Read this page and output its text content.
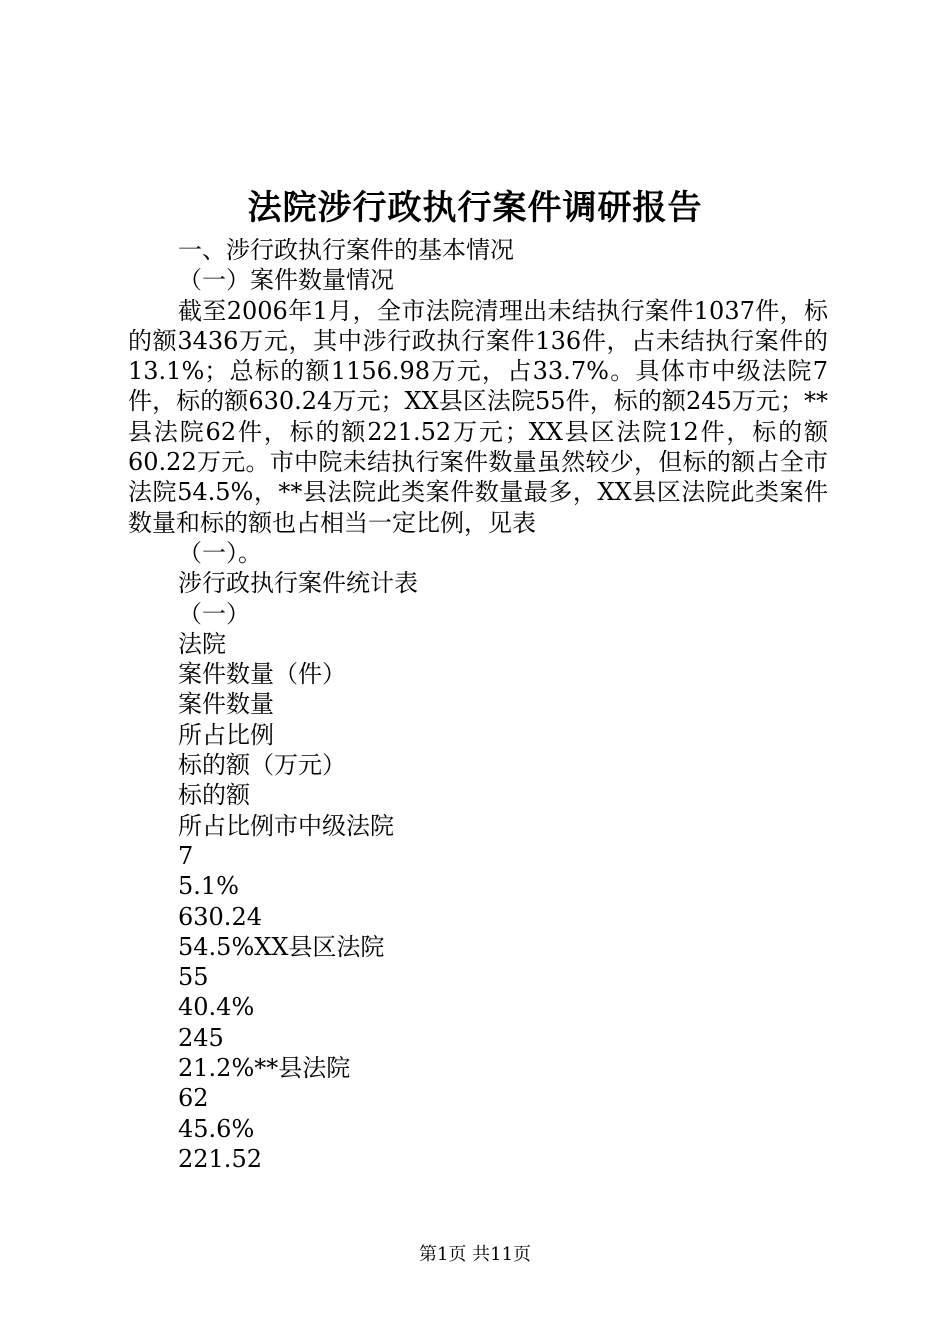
法院涉行政执行案件调研报告
一、涉行政执行案件的基本情况
（一）案件数量情况
截至2006年1月，全市法院清理出未结执行案件1037件，标的额3436万元，其中涉行政执行案件136件，占未结执行案件的13.1%；总标的额1156.98万元，占33.7%。具体市中级法院7件，标的额630.24万元；XX县区法院55件，标的额245万元；**县法院62件，标的额221.52万元；XX县区法院12件，标的额60.22万元。市中院未结执行案件数量虽然较少，但标的额占全市法院54.5%，**县法院此类案件数量最多，XX县区法院此类案件数量和标的额也占相当一定比例，见表
（一）。
涉行政执行案件统计表
（一）
法院
案件数量（件）
案件数量
所占比例
标的额（万元）
标的额
所占比例市中级法院
7
5.1%
630.24
54.5%XX县区法院
55
40.4%
245
21.2%**县法院
62
45.6%
221.52
第1页 共11页
